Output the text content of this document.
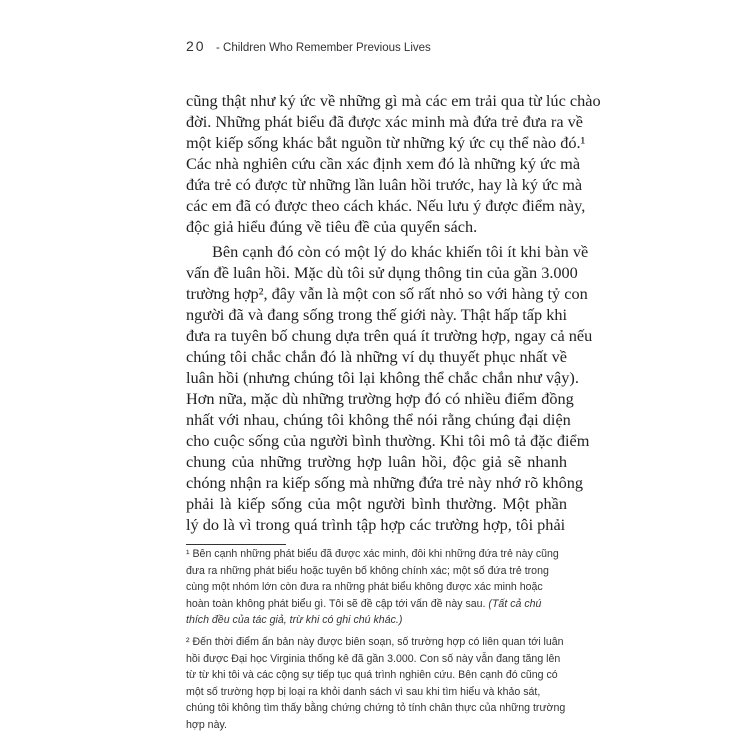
20 - Children Who Remember Previous Lives
cũng thật như ký ức về những gì mà các em trải qua từ lúc chào
đời. Những phát biểu đã được xác minh mà đứa trẻ đưa ra về
một kiếp sống khác bắt nguồn từ những ký ức cụ thể nào đó.¹
Các nhà nghiên cứu cần xác định xem đó là những ký ức mà
đứa trẻ có được từ những lần luân hồi trước, hay là ký ức mà
các em đã có được theo cách khác. Nếu lưu ý được điểm này,
độc giả hiểu đúng về tiêu đề của quyển sách.
Bên cạnh đó còn có một lý do khác khiến tôi ít khi bàn về
vấn đề luân hồi. Mặc dù tôi sử dụng thông tin của gần 3.000
trường hợp², đây vẫn là một con số rất nhỏ so với hàng tỷ con
người đã và đang sống trong thế giới này. Thật hấp tấp khi
đưa ra tuyên bố chung dựa trên quá ít trường hợp, ngay cả nếu
chúng tôi chắc chắn đó là những ví dụ thuyết phục nhất về
luân hồi (nhưng chúng tôi lại không thể chắc chắn như vậy).
Hơn nữa, mặc dù những trường hợp đó có nhiều điểm đồng
nhất với nhau, chúng tôi không thể nói rằng chúng đại diện
cho cuộc sống của người bình thường. Khi tôi mô tả đặc điểm
chung của những trường hợp luân hồi, độc giả sẽ nhanh
chóng nhận ra kiếp sống mà những đứa trẻ này nhớ rõ không
phải là kiếp sống của một người bình thường. Một phần
lý do là vì trong quá trình tập hợp các trường hợp, tôi phải
¹ Bên cạnh những phát biểu đã được xác minh, đôi khi những đứa trẻ này cũng đưa ra những phát biểu hoặc tuyên bố không chính xác; một số đứa trẻ trong cùng một nhóm lớn còn đưa ra những phát biểu không được xác minh hoặc hoàn toàn không phát biểu gì. Tôi sẽ đề cập tới vấn đề này sau. (Tất cả chú thích đều của tác giả, trừ khi có ghi chú khác.)
² Đến thời điểm ấn bản này được biên soạn, số trường hợp có liên quan tới luân hồi được Đại học Virginia thống kê đã gần 3.000. Con số này vẫn đang tăng lên từ từ khi tôi và các cộng sự tiếp tục quá trình nghiên cứu. Bên cạnh đó cũng có một số trường hợp bị loại ra khỏi danh sách vì sau khi tìm hiểu và khảo sát, chúng tôi không tìm thấy bằng chứng chứng tỏ tính chân thực của những trường hợp này.
